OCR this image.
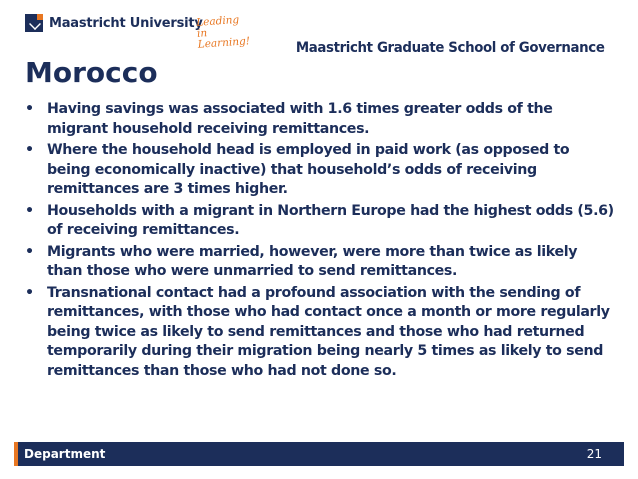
Maastricht University
Leading in Learning!	Maastricht Graduate School of Governance
Morocco
• Having savings was associated with 1.6 times greater odds of the migrant household receiving remittances.
• Where the household head is employed in paid work (as opposed to being economically inactive) that household’s odds of receiving remittances are 3 times higher.
• Households with a migrant in Northern Europe had the highest odds (5.6) of receiving remittances.
• Migrants who were married, however, were more than twice as likely than those who were unmarried to send remittances.
• Transnational contact had a profound association with the sending of remittances, with those who had contact once a month or more regularly being twice as likely to send remittances and those who had returned temporarily during their migration being nearly 5 times as likely to send remittances than those who had not done so.
Department	21
